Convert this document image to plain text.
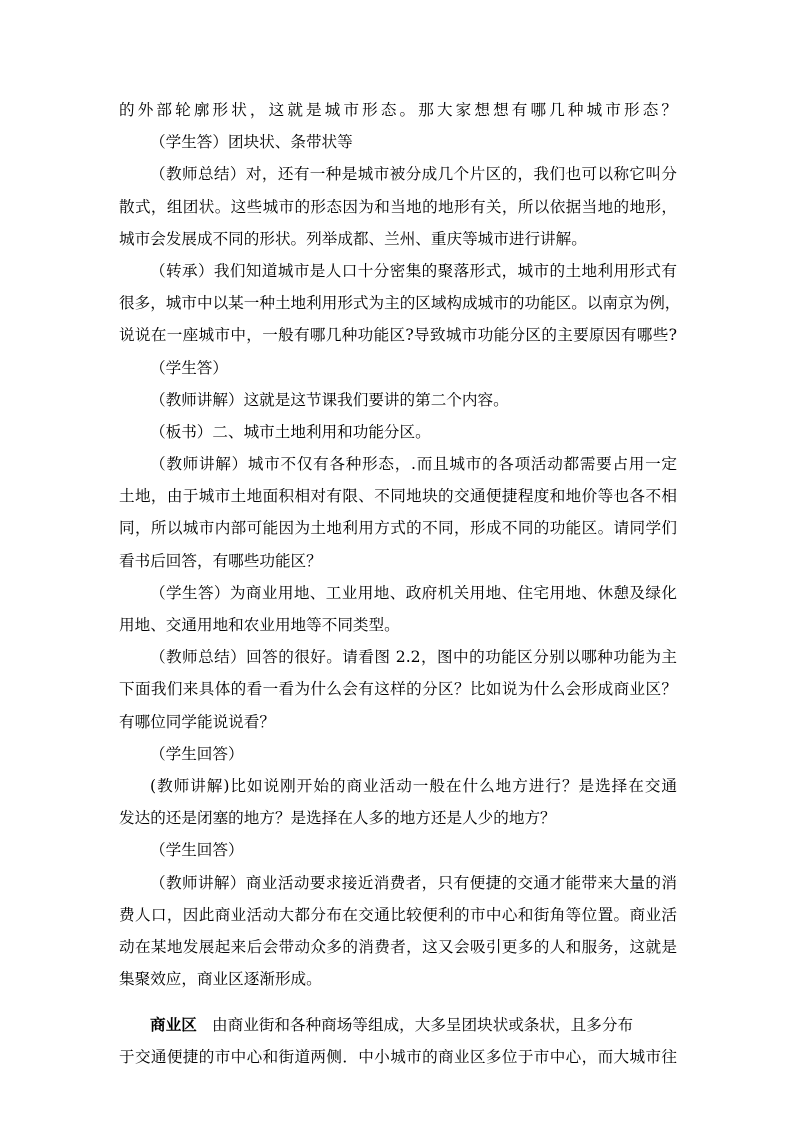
的外部轮廓形状，这就是城市形态。那大家想想有哪几种城市形态？
（学生答）团块状、条带状等
（教师总结）对，还有一种是城市被分成几个片区的，我们也可以称它叫分
散式，组团状。这些城市的形态因为和当地的地形有关，所以依据当地的地形，
城市会发展成不同的形状。列举成都、兰州、重庆等城市进行讲解。
（转承）我们知道城市是人口十分密集的聚落形式，城市的土地利用形式有
很多，城市中以某一种土地利用形式为主的区域构成城市的功能区。以南京为例，
说说在一座城市中，一般有哪几种功能区?导致城市功能分区的主要原因有哪些?
（学生答）
（教师讲解）这就是这节课我们要讲的第二个内容。
（板书）二、城市土地利用和功能分区。
（教师讲解）城市不仅有各种形态，.而且城市的各项活动都需要占用一定
土地，由于城市土地面积相对有限、不同地块的交通便捷程度和地价等也各不相
同，所以城市内部可能因为土地利用方式的不同，形成不同的功能区。请同学们
看书后回答，有哪些功能区？
（学生答）为商业用地、工业用地、政府机关用地、住宅用地、休憩及绿化
用地、交通用地和农业用地等不同类型。
（教师总结）回答的很好。请看图 2.2，图中的功能区分别以哪种功能为主
下面我们来具体的看一看为什么会有这样的分区？比如说为什么会形成商业区？
有哪位同学能说说看？
（学生回答）
(教师讲解)比如说刚开始的商业活动一般在什么地方进行？是选择在交通
发达的还是闭塞的地方？是选择在人多的地方还是人少的地方？
（学生回答）
（教师讲解）商业活动要求接近消费者，只有便捷的交通才能带来大量的消
费人口，因此商业活动大都分布在交通比较便利的市中心和街角等位置。商业活
动在某地发展起来后会带动众多的消费者，这又会吸引更多的人和服务，这就是
集聚效应，商业区逐渐形成。
商业区 由商业街和各种商场等组成，大多呈团块状或条状，且多分布
于交通便捷的市中心和街道两侧．中小城市的商业区多位于市中心，而大城市往
